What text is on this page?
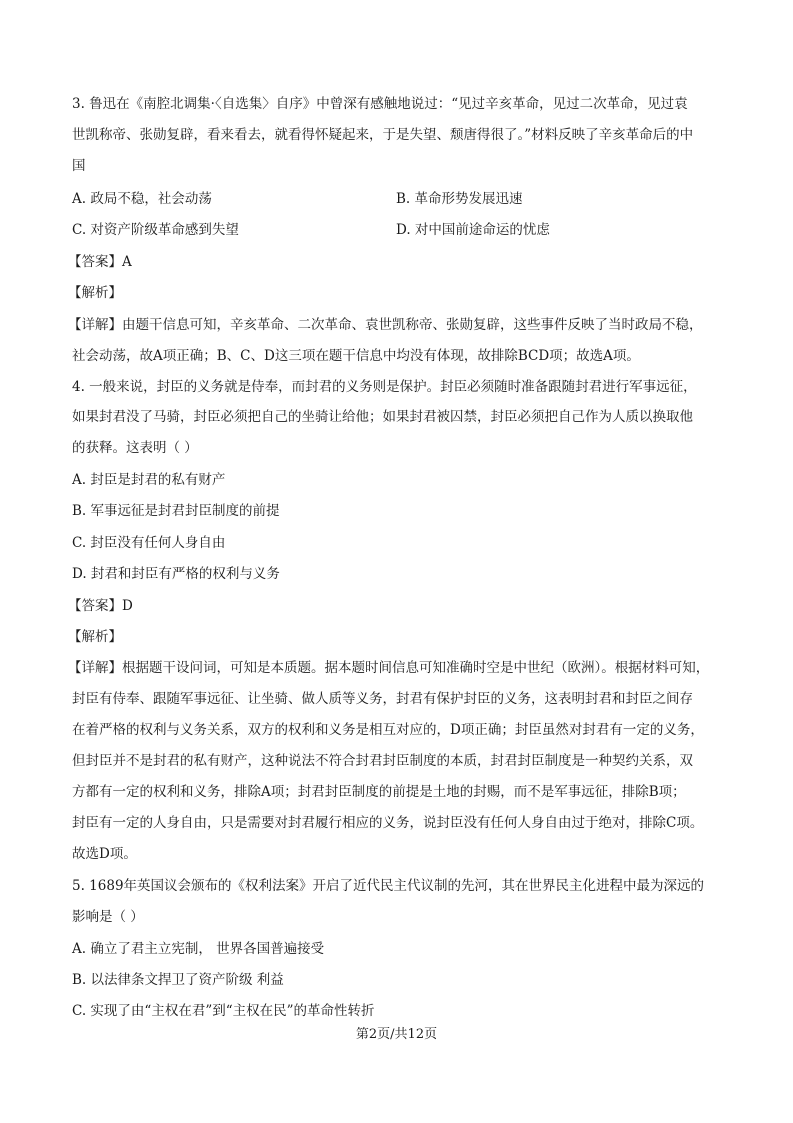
3. 鲁迅在《南腔北调集·〈自选集〉自序》中曾深有感触地说过：“见过辛亥革命，见过二次革命，见过袁
世凯称帝、张勋复辟，看来看去，就看得怀疑起来，于是失望、颓唐得很了。”材料反映了辛亥革命后的中
国
A. 政局不稳，社会动荡	B. 革命形势发展迅速
C. 对资产阶级革命感到失望	D. 对中国前途命运的忧虑
【答案】A
【解析】
【详解】由题干信息可知，辛亥革命、二次革命、袁世凯称帝、张勋复辟，这些事件反映了当时政局不稳，
社会动荡，故A项正确；B、C、D这三项在题干信息中均没有体现，故排除BCD项；故选A项。
4. 一般来说，封臣的义务就是侍奉，而封君的义务则是保护。封臣必须随时准备跟随封君进行军事远征，
如果封君没了马骑，封臣必须把自己的坐骑让给他；如果封君被囚禁，封臣必须把自己作为人质以换取他
的获释。这表明（ ）
A. 封臣是封君的私有财产
B. 军事远征是封君封臣制度的前提
C. 封臣没有任何人身自由
D. 封君和封臣有严格的权利与义务
【答案】D
【解析】
【详解】根据题干设问词，可知是本质题。据本题时间信息可知准确时空是中世纪（欧洲）。根据材料可知，
封臣有侍奉、跟随军事远征、让坐骑、做人质等义务，封君有保护封臣的义务，这表明封君和封臣之间存
在着严格的权利与义务关系，双方的权利和义务是相互对应的，D项正确；封臣虽然对封君有一定的义务，
但封臣并不是封君的私有财产，这种说法不符合封君封臣制度的本质，封君封臣制度是一种契约关系，双
方都有一定的权利和义务，排除A项；封君封臣制度的前提是土地的封赐，而不是军事远征，排除B项；
封臣有一定的人身自由，只是需要对封君履行相应的义务，说封臣没有任何人身自由过于绝对，排除C项。
故选D项。
5. 1689年英国议会颁布的《权利法案》开启了近代民主代议制的先河，其在世界民主化进程中最为深远的
影响是（ ）
A. 确立了君主立宪制， 世界各国普遍接受
B. 以法律条文捍卫了资产阶级 利益
C. 实现了由“主权在君”到“主权在民”的革命性转折
第2页/共12页
